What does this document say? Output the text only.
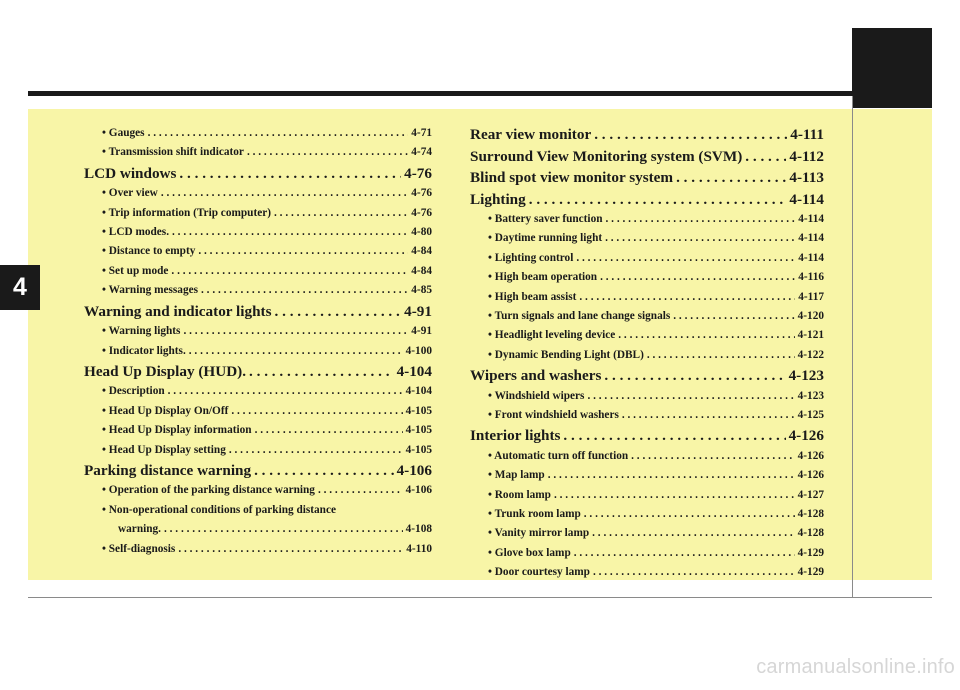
4
• Gauges . . .	4-71
• Transmission shift indicator . . .	4-74
LCD windows . . .	4-76
• Over view . . .	4-76
• Trip information (Trip computer) . . .	4-76
• LCD modes. . . .	4-80
• Distance to empty . . .	4-84
• Set up mode . . .	4-84
• Warning messages . . .	4-85
Warning and indicator lights . . .	4-91
• Warning lights . . .	4-91
• Indicator lights. . . .	4-100
Head Up Display (HUD). . . .	4-104
• Description . . .	4-104
• Head Up Display On/Off . . .	4-105
• Head Up Display information . . .	4-105
• Head Up Display setting . . .	4-105
Parking distance warning . . .	4-106
• Operation of the parking distance warning . . .	4-106
• Non-operational conditions of parking distance
warning. . . .	4-108
• Self-diagnosis . . .	4-110
Rear view monitor . . .	4-111
Surround View Monitoring system (SVM) . . .	4-112
Blind spot view monitor system . . .	4-113
Lighting . . .	4-114
• Battery saver function . . .	4-114
• Daytime running light . . .	4-114
• Lighting control . . .	4-114
• High beam operation . . .	4-116
• High beam assist . . .	4-117
• Turn signals and lane change signals . . .	4-120
• Headlight leveling device . . .	4-121
• Dynamic Bending Light (DBL) . . .	4-122
Wipers and washers . . .	4-123
• Windshield wipers . . .	4-123
• Front windshield washers . . .	4-125
Interior lights . . .	4-126
• Automatic turn off function . . .	4-126
• Map lamp . . .	4-126
• Room lamp . . .	4-127
• Trunk room lamp . . .	4-128
• Vanity mirror lamp . . .	4-128
• Glove box lamp . . .	4-129
• Door courtesy lamp . . .	4-129
carmanualsonline.info
